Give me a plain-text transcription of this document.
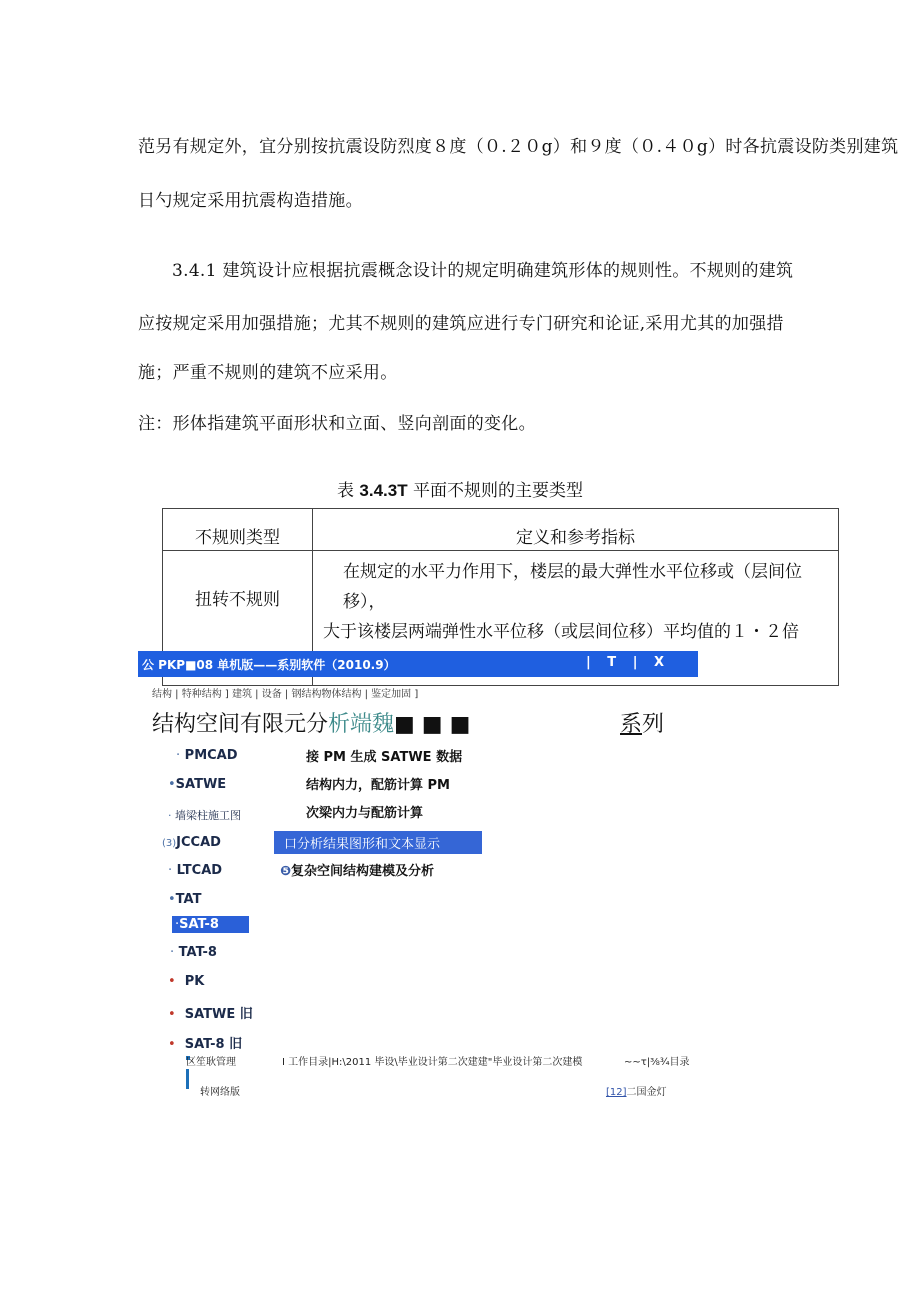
范另有规定外，宜分别按抗震设防烈度８度（０.２０g）和９度（０.４０g）时各抗震设防类别建筑
日勺规定采用抗震构造措施。
3.4.1 建筑设计应根据抗震概念设计的规定明确建筑形体的规则性。不规则的建筑
应按规定采用加强措施；尤其不规则的建筑应进行专门研究和论证,采用尤其的加强措
施；严重不规则的建筑不应采用。
注：形体指建筑平面形状和立面、竖向剖面的变化。
表 3.4.3T 平面不规则的主要类型
不规则类型	定义和参考指标
扭转不规则	在规定的水平力作用下，楼层的最大弹性水平位移或（层间位移），
大于该楼层两端弹性水平位移（或层间位移）平均值的１・２倍
公 PKP■08 单机版——系别软件（2010.9）	| T | X
结构 | 特种结构 ] 建筑 | 设备 | 钢结构物体结构 | 鉴定加固 ]
结构空间有限元分析端魏■ ■ ■	系列
· PMCAD
•SATWE
· 墙梁柱施工图
(3)JCCAD
· LTCAD
•TAT
·SAT-8
· TAT-8
• PK
• SATWE 旧
• SAT-8 旧
接 PM 生成 SATWE 数据
结构内力，配筋计算 PM
次梁内力与配筋计算
口分析结果图形和文本显示
❺复杂空间结构建模及分析
区笙耿管理
转网络版
I 工作目录|H:\2011 毕设\毕业设计第二次建建"毕业设计第二次建模	~~τ|⅜¾目录
[12]二国金灯
